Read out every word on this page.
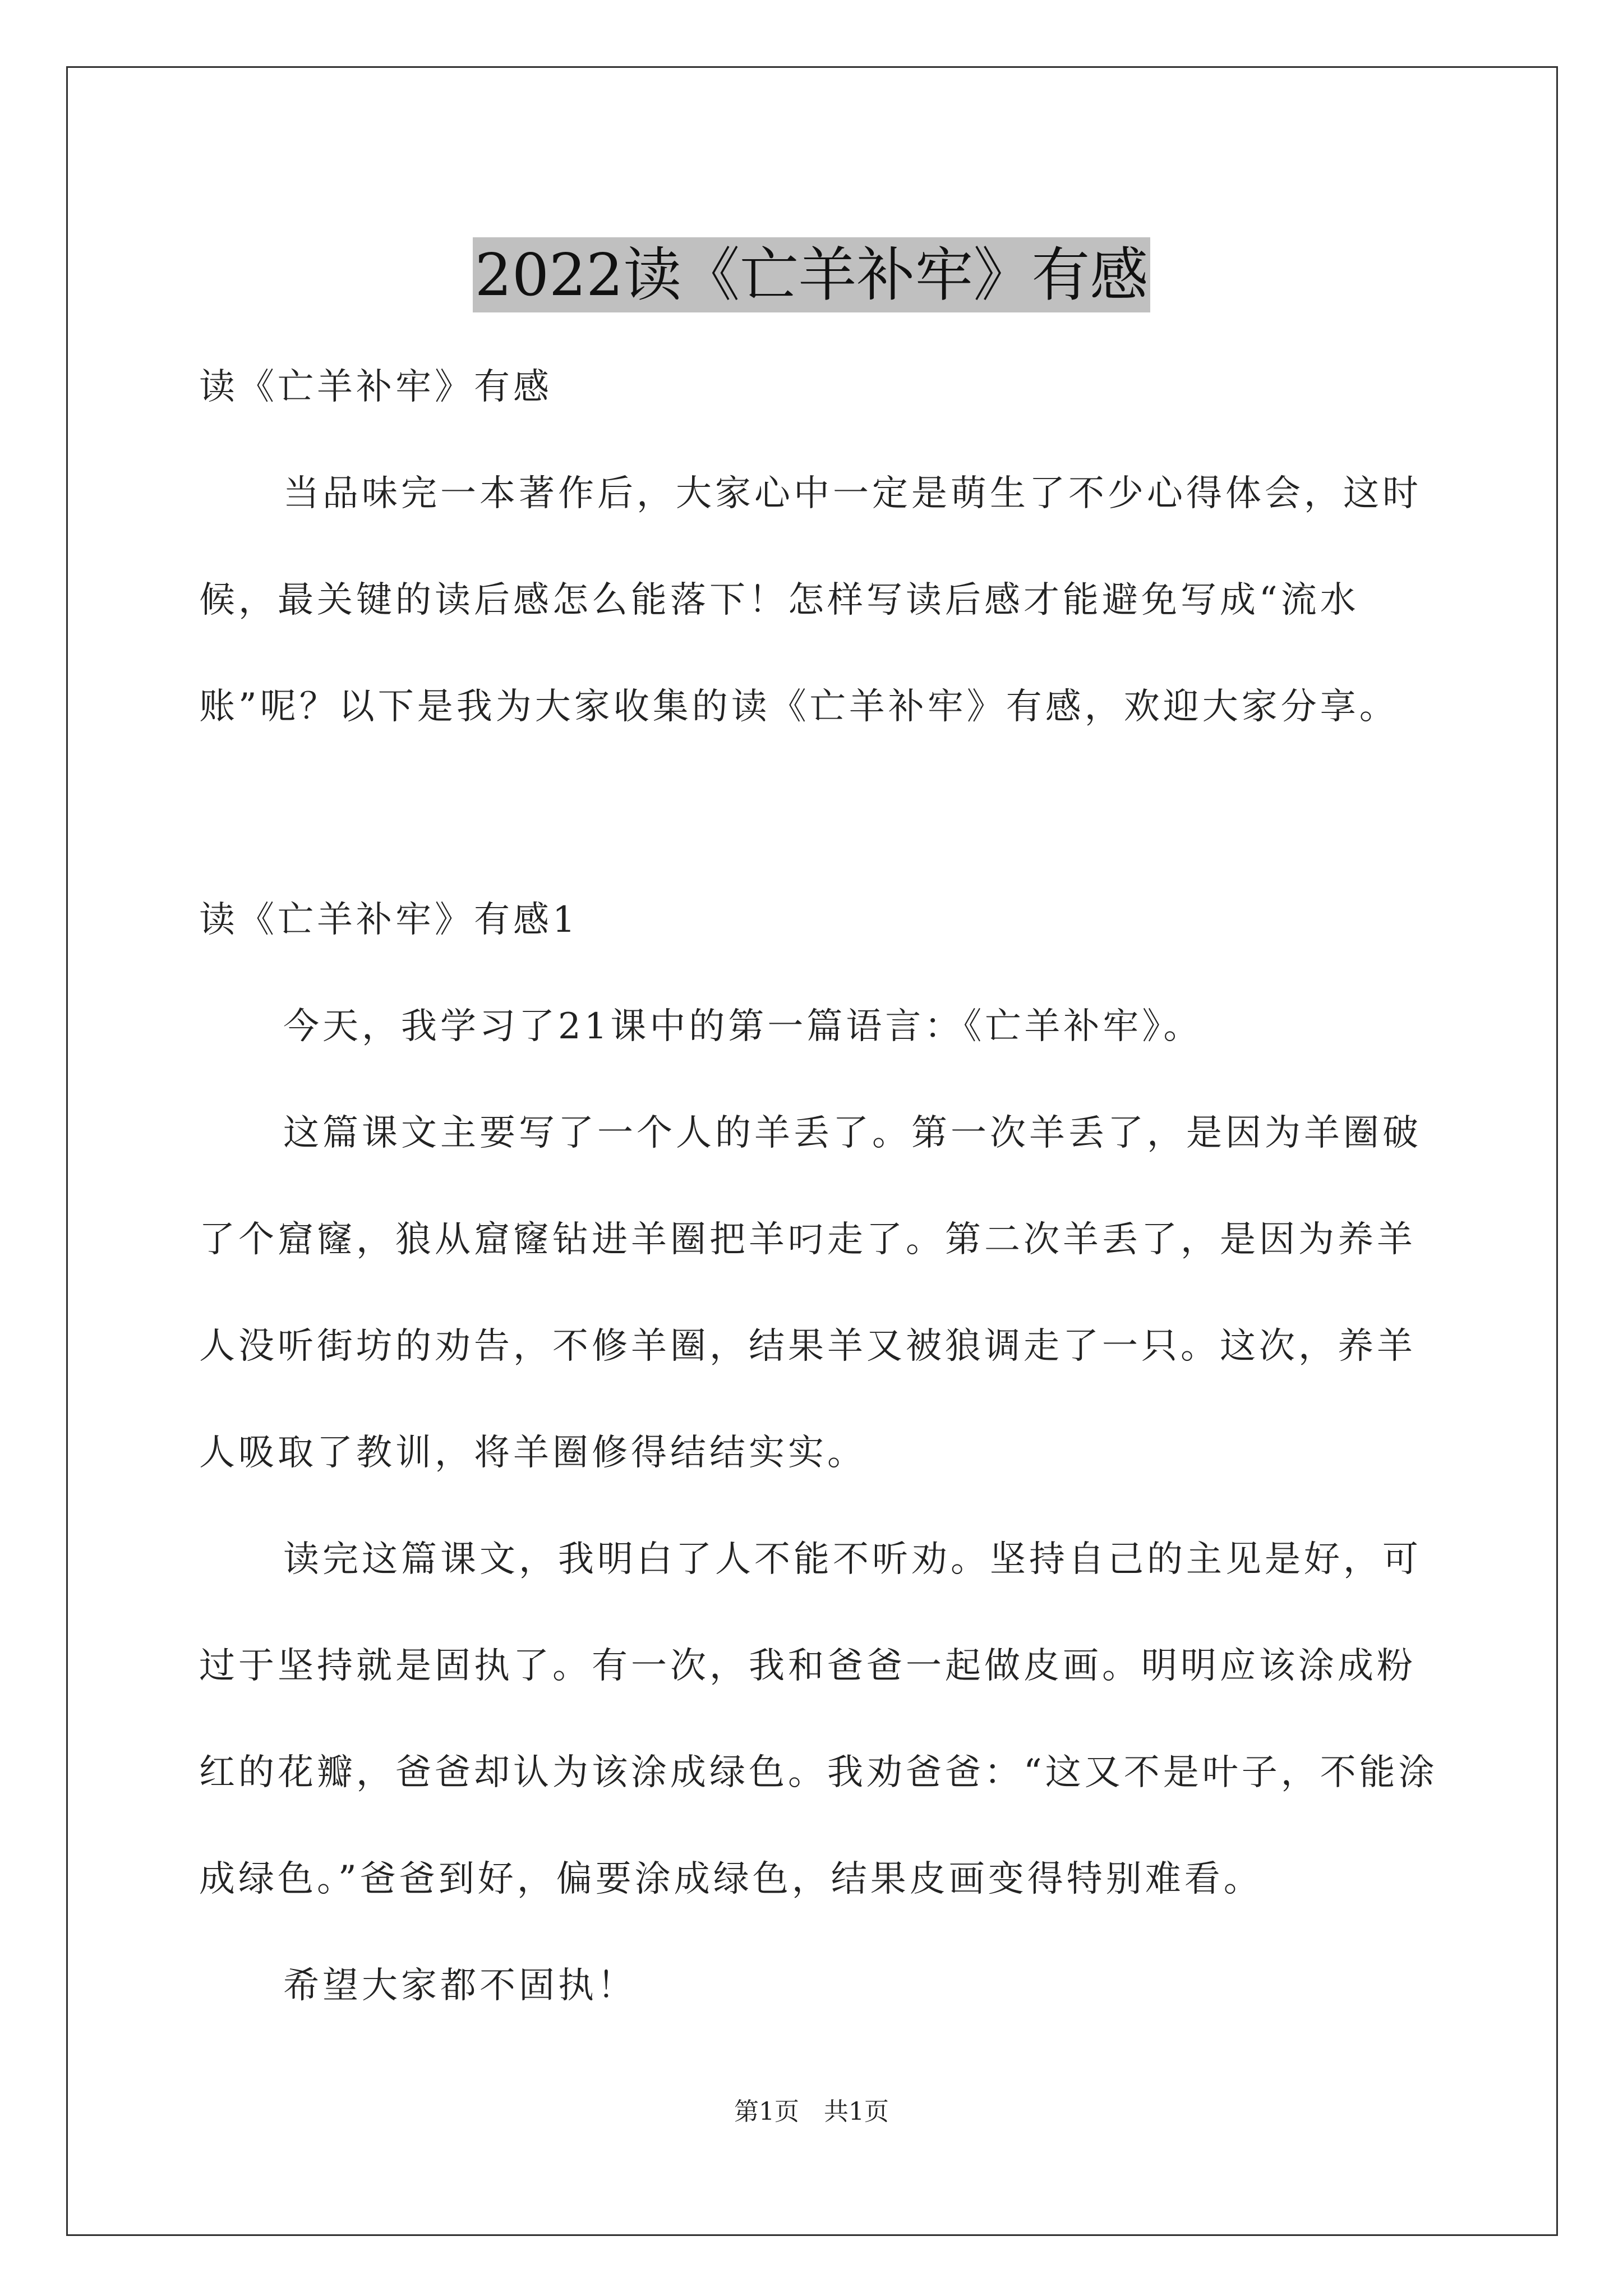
2022读《亡羊补牢》有感

读《亡羊补牢》有感

当品味完一本著作后，大家心中一定是萌生了不少心得体会，这时候，最关键的读后感怎么能落下！怎样写读后感才能避免写成“流水账”呢？以下是我为大家收集的读《亡羊补牢》有感，欢迎大家分享。

读《亡羊补牢》有感1

今天，我学习了21课中的第一篇语言：《亡羊补牢》。

这篇课文主要写了一个人的羊丢了。第一次羊丢了，是因为羊圈破了个窟窿，狼从窟窿钻进羊圈把羊叼走了。第二次羊丢了，是因为养羊人没听街坊的劝告，不修羊圈，结果羊又被狼调走了一只。这次，养羊人吸取了教训，将羊圈修得结结实实。

读完这篇课文，我明白了人不能不听劝。坚持自己的主见是好，可过于坚持就是固执了。有一次，我和爸爸一起做皮画。明明应该涂成粉红的花瓣，爸爸却认为该涂成绿色。我劝爸爸：“这又不是叶子，不能涂成绿色。”爸爸到好，偏要涂成绿色，结果皮画变得特别难看。

希望大家都不固执！

第1页　共1页
